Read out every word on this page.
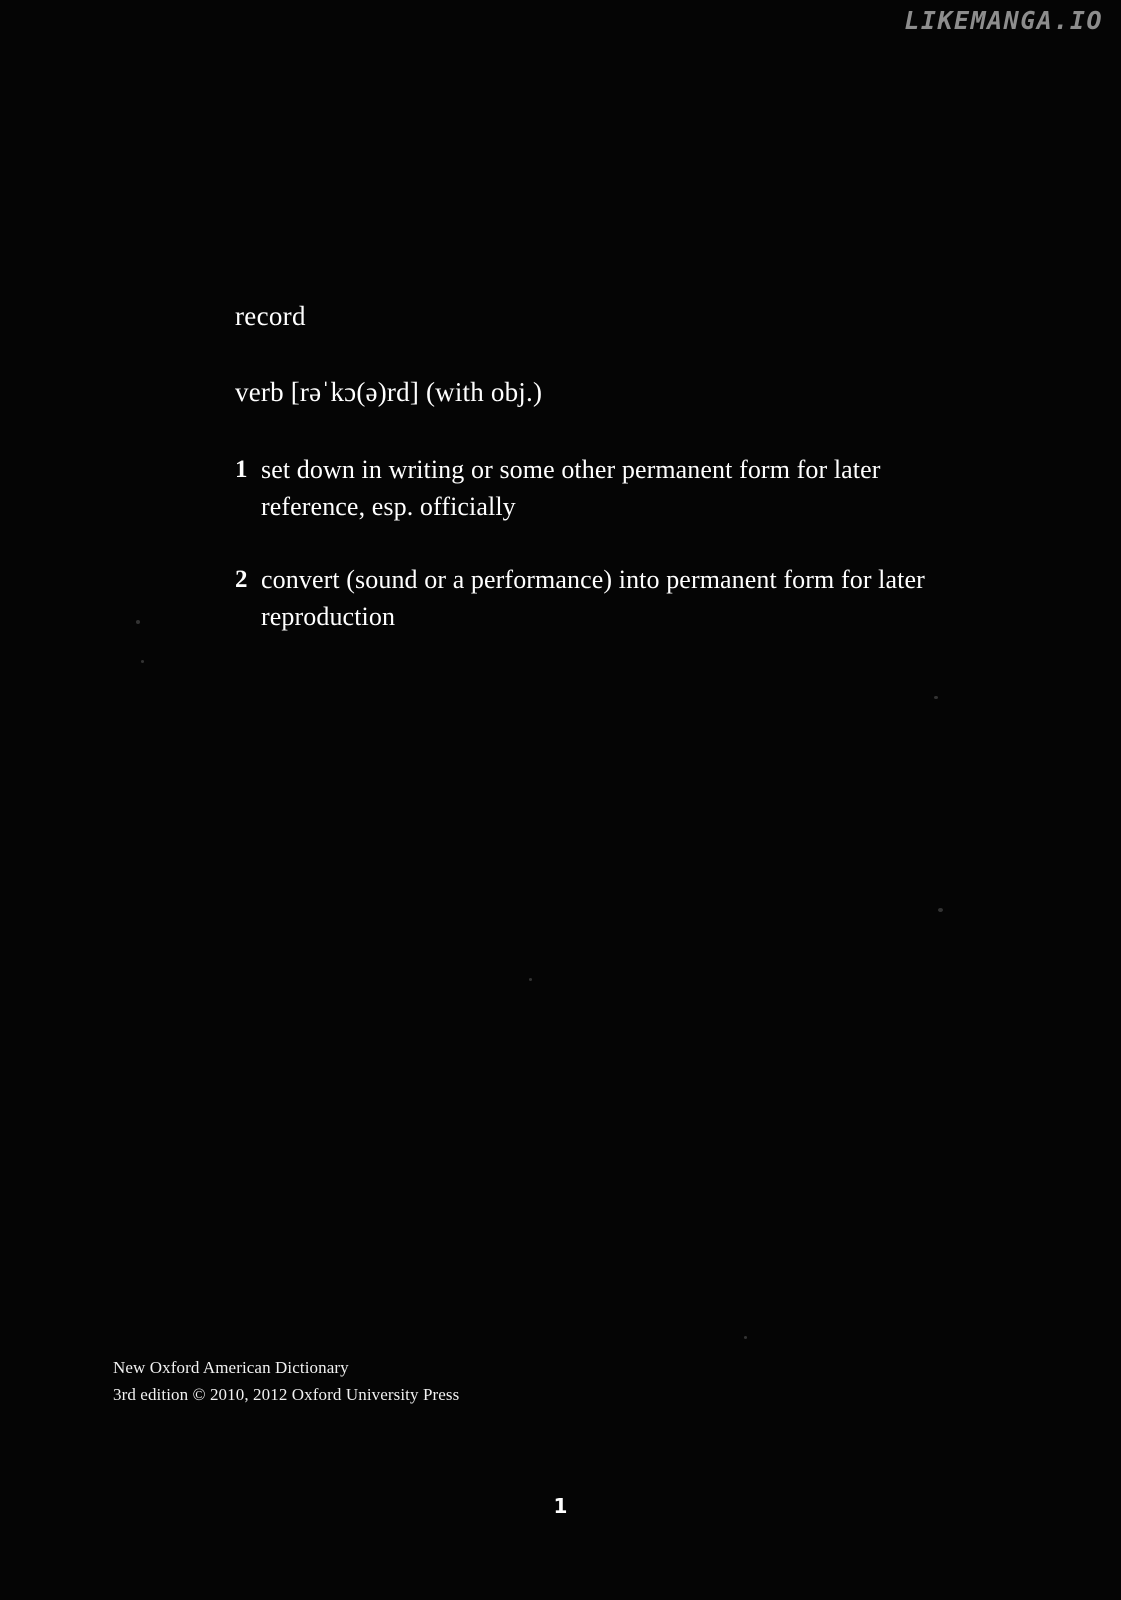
LIKEMANGA.IO
record
verb [rəˈkɔ(ə)rd] (with obj.)
1 set down in writing or some other permanent form for later reference, esp. officially
2 convert (sound or a performance) into permanent form for later reproduction
New Oxford American Dictionary
3rd edition © 2010, 2012 Oxford University Press
1
